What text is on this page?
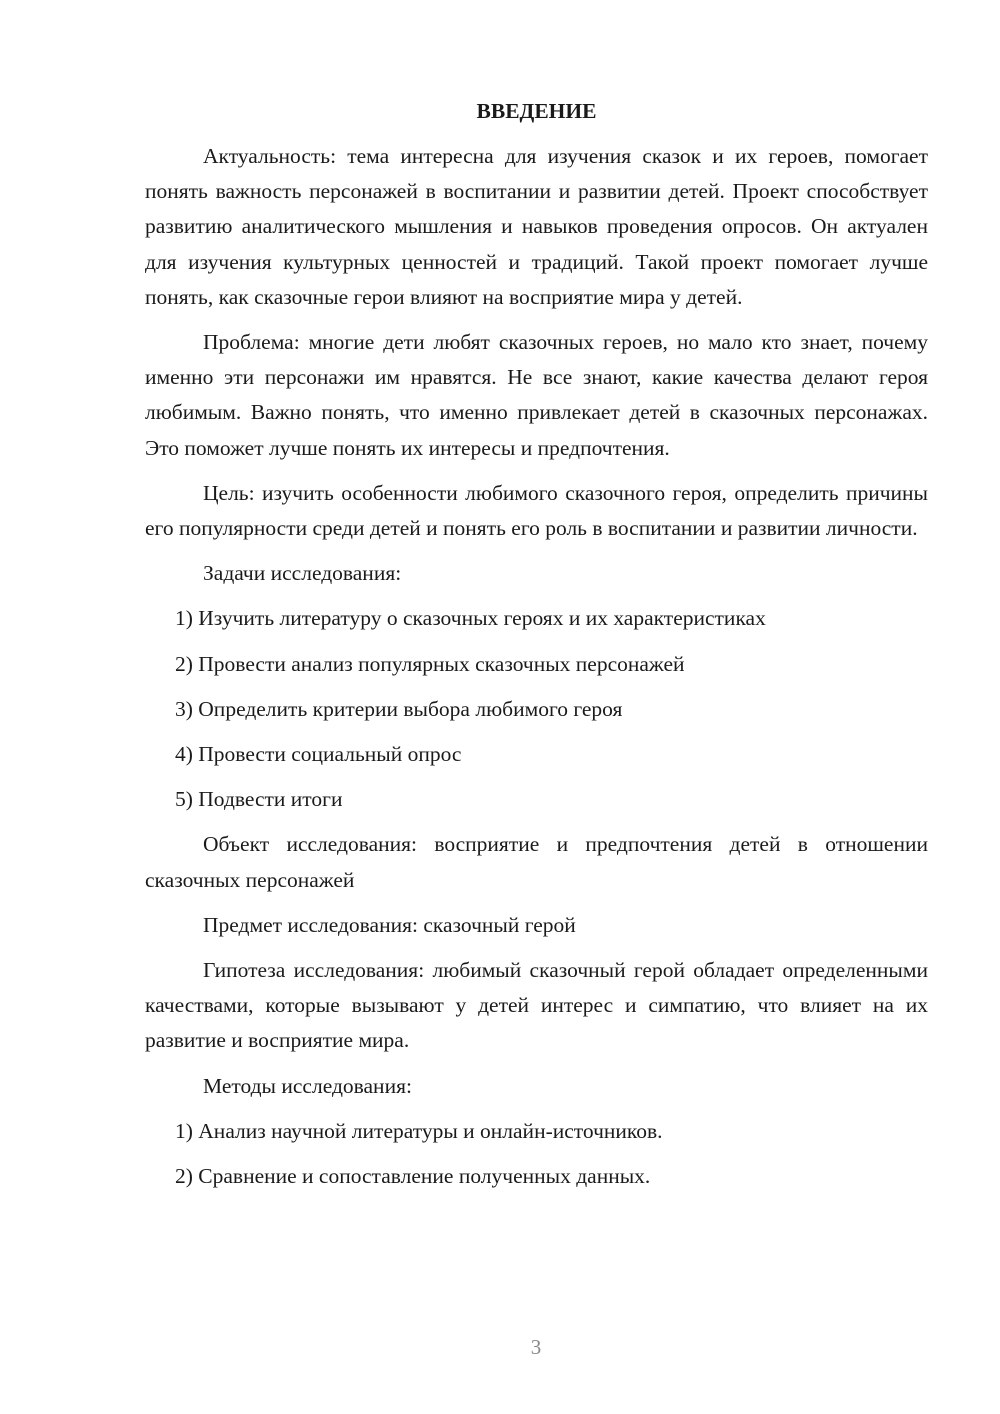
ВВЕДЕНИЕ
Актуальность: тема интересна для изучения сказок и их героев, помогает понять важность персонажей в воспитании и развитии детей. Проект способствует развитию аналитического мышления и навыков проведения опросов. Он актуален для изучения культурных ценностей и традиций. Такой проект помогает лучше понять, как сказочные герои влияют на восприятие мира у детей.
Проблема: многие дети любят сказочных героев, но мало кто знает, почему именно эти персонажи им нравятся. Не все знают, какие качества делают героя любимым. Важно понять, что именно привлекает детей в сказочных персонажах. Это поможет лучше понять их интересы и предпочтения.
Цель: изучить особенности любимого сказочного героя, определить причины его популярности среди детей и понять его роль в воспитании и развитии личности.
Задачи исследования:
1) Изучить литературу о сказочных героях и их характеристиках
2) Провести анализ популярных сказочных персонажей
3) Определить критерии выбора любимого героя
4) Провести социальный опрос
5) Подвести итоги
Объект исследования: восприятие и предпочтения детей в отношении сказочных персонажей
Предмет исследования: сказочный герой
Гипотеза исследования: любимый сказочный герой обладает определенными качествами, которые вызывают у детей интерес и симпатию, что влияет на их развитие и восприятие мира.
Методы исследования:
1) Анализ научной литературы и онлайн-источников.
2) Сравнение и сопоставление полученных данных.
3
